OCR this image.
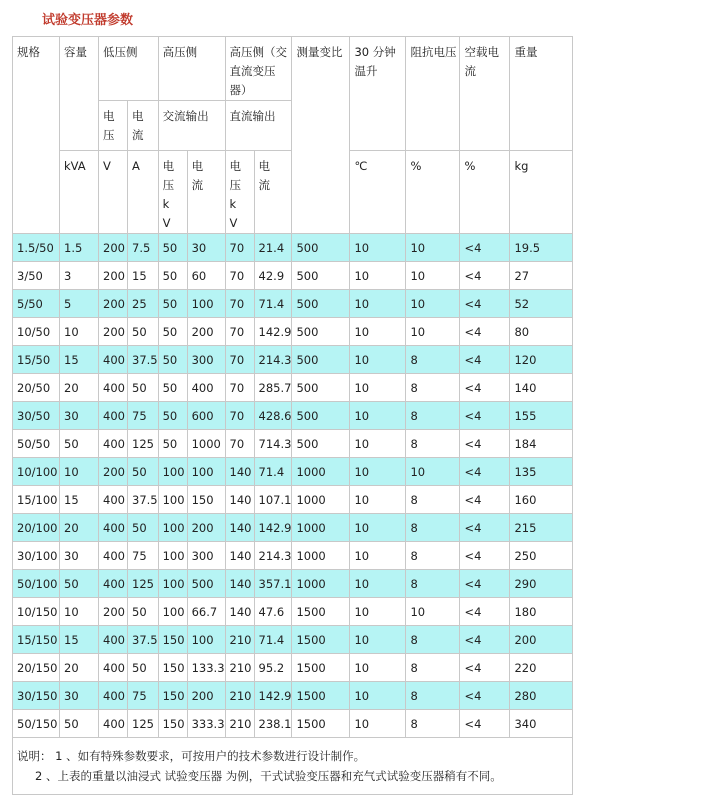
试验变压器参数
规格	容量	低压侧		高压侧		高压侧（交直流变压器）		测量变比	30 分钟温升	阻抗电压	空载电流	重量

		电压	电流	交流输出		直流输出						
	kVA	V	A	电压kV	电流	电压kV	电流		℃	%	%	kg
1.5/50	1.5	200	7.5	50	30	70	21.4	500	10	10	<4	19.5
3/50	3	200	15	50	60	70	42.9	500	10	10	<4	27
5/50	5	200	25	50	100	70	71.4	500	10	10	<4	52
10/50	10	200	50	50	200	70	142.9	500	10	10	<4	80
15/50	15	400	37.5	50	300	70	214.3	500	10	8	<4	120
20/50	20	400	50	50	400	70	285.7	500	10	8	<4	140
30/50	30	400	75	50	600	70	428.6	500	10	8	<4	155
50/50	50	400	125	50	1000	70	714.3	500	10	8	<4	184
10/100	10	200	50	100	100	140	71.4	1000	10	10	<4	135
15/100	15	400	37.5	100	150	140	107.1	1000	10	8	<4	160
20/100	20	400	50	100	200	140	142.9	1000	10	8	<4	215
30/100	30	400	75	100	300	140	214.3	1000	10	8	<4	250
50/100	50	400	125	100	500	140	357.1	1000	10	8	<4	290
10/150	10	200	50	100	66.7	140	47.6	1500	10	10	<4	180
15/150	15	400	37.5	150	100	210	71.4	1500	10	8	<4	200
20/150	20	400	50	150	133.3	210	95.2	1500	10	8	<4	220
30/150	30	400	75	150	200	210	142.9	1500	10	8	<4	280
50/150	50	400	125	150	333.3	210	238.1	1500	10	8	<4	340

说明： 1 、如有特殊参数要求，可按用户的技术参数进行设计制作。
2 、上表的重量以油浸式 试验变压器 为例，干式试验变压器和充气式试验变压器稍有不同。												
